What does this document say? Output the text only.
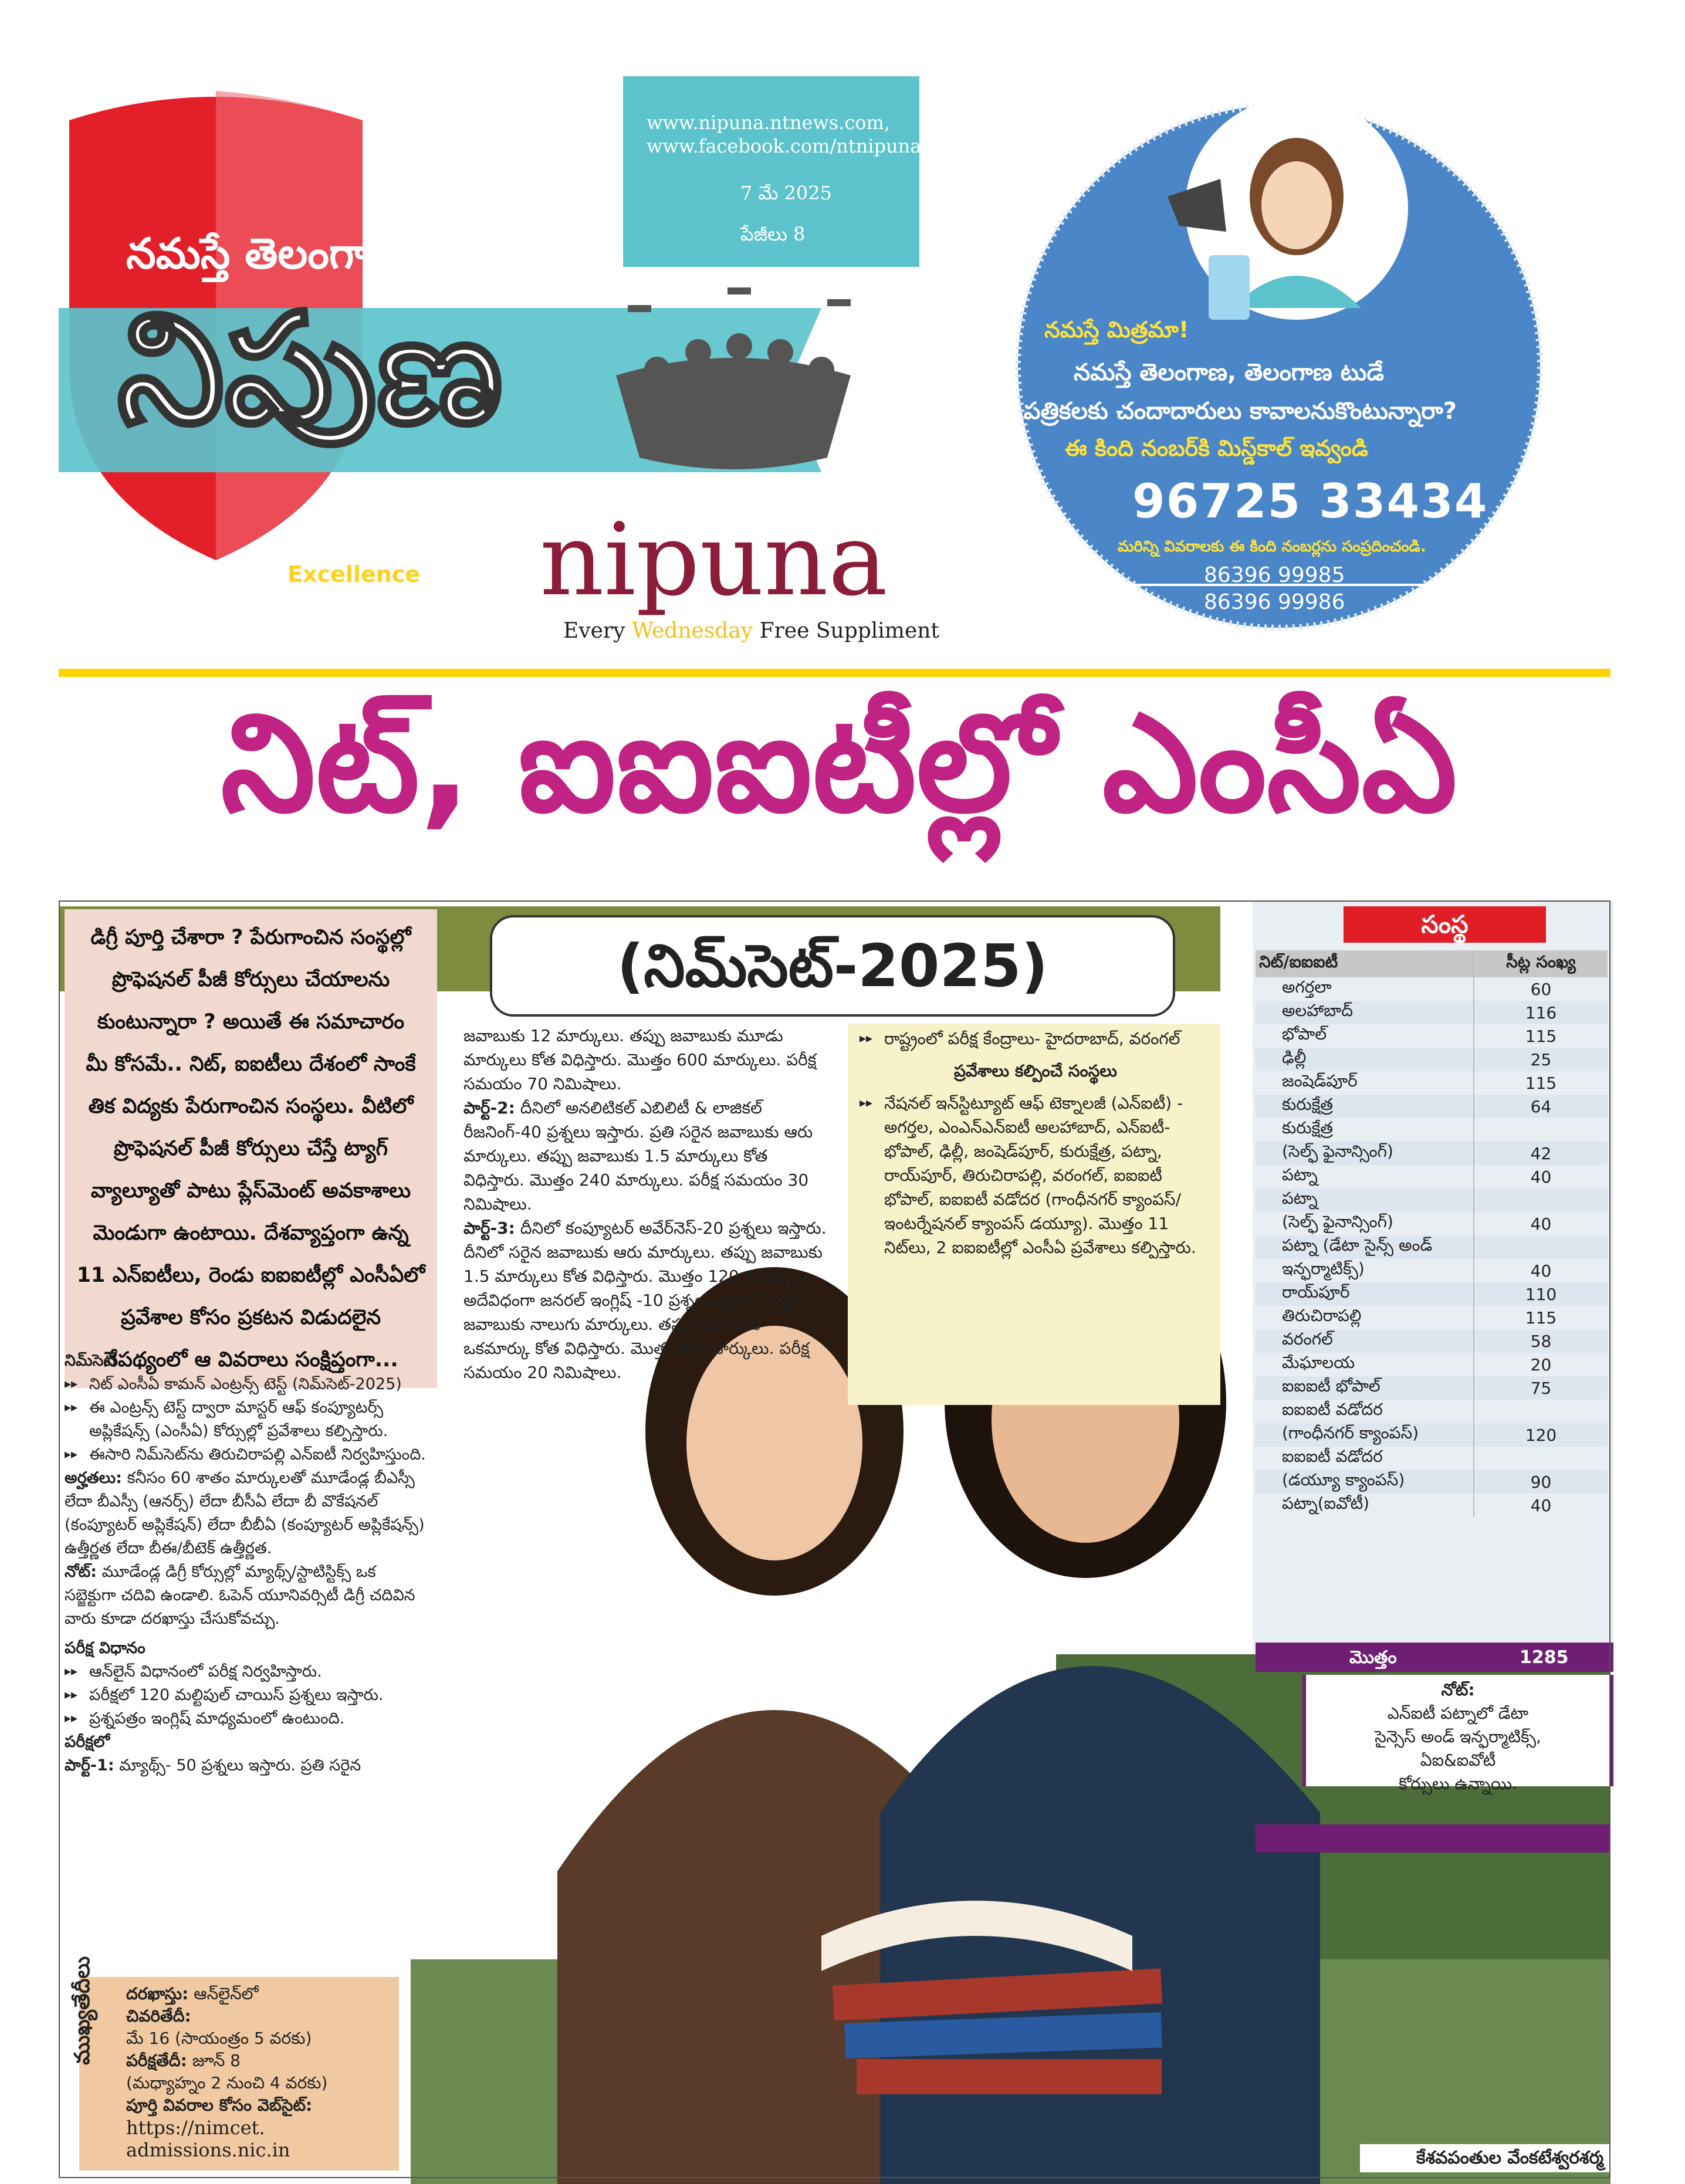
నమస్తే తెలంగాణ
నిపుణ
Guide to
Excellence nipuna
Every Wednesday Free Suppliment
www.nipuna.ntnews.com,
www.facebook.com/ntnipuna
7 మే 2025
పేజీలు 8
నమస్తే మిత్రమా!
నమస్తే తెలంగాణ, తెలంగాణ టుడే
పత్రికలకు చందాదారులు కావాలనుకొంటున్నారా?
ఈ కింది నంబర్‌కి మిస్డ్‌కాల్ ఇవ్వండి
96725 33434
మరిన్ని వివరాలకు ఈ కింది నంబర్లను సంప్రదించండి.
86396 99985
86396 99986
నిట్, ఐఐఐటీల్లో ఎంసీఏ
(నిమ్‌సెట్-2025)

డిగ్రీ పూర్తి చేశారా ? పేరుగాంచిన సంస్థల్లో

ప్రొఫెషనల్ పీజీ కోర్సులు చేయాలను

కుంటున్నారా ? అయితే ఈ సమాచారం

మీ కోసమే.. నిట్, ఐఐటీలు దేశంలో సాంకే

తిక విద్యకు పేరుగాంచిన సంస్థలు. వీటిలో

ప్రొఫెషనల్ పీజీ కోర్సులు చేస్తే ట్యాగ్

వ్యాల్యూతో పాటు ప్లేస్‌మెంట్ అవకాశాలు

మెండుగా ఉంటాయి. దేశవ్యాప్తంగా ఉన్న

11 ఎన్ఐటీలు, రెండు ఐఐఐటీల్లో ఎంసీఏలో

ప్రవేశాల కోసం ప్రకటన విడుదలైన

నేపథ్యంలో ఆ వివరాలు సంక్షిప్తంగా...

నిమ్‌సెట్
▸▸ నిట్ ఎంసీఏ కామన్ ఎంట్రన్స్ టెస్ట్ (నిమ్‌సెట్-2025)
▸▸ ఈ ఎంట్రన్స్ టెస్ట్ ద్వారా మాస్టర్ ఆఫ్ కంప్యూటర్స్ అప్లికేషన్స్ (ఎంసీఏ) కోర్సుల్లో ప్రవేశాలు కల్పిస్తారు.
▸▸ ఈసారి నిమ్‌సెట్‌ను తిరుచిరాపల్లి ఎన్ఐటీ నిర్వహిస్తుంది.
అర్హతలు: కనీసం 60 శాతం మార్కులతో మూడేండ్ల బీఎస్సీ లేదా బీఎస్సీ (ఆనర్స్) లేదా బీసీఏ లేదా బీ వొకేషనల్ (కంప్యూటర్ అప్లికేషన్) లేదా బీబీఏ (కంప్యూటర్ అప్లికేషన్స్) ఉత్తీర్ణత లేదా బీఈ/బీటెక్ ఉత్తీర్ణత.
నోట్: మూడేండ్ల డిగ్రీ కోర్సుల్లో మ్యాథ్స్/స్టాటిస్టిక్స్ ఒక సబ్జెక్టుగా చదివి ఉండాలి. ఓపెన్ యూనివర్సిటీ డిగ్రీ చదివిన వారు కూడా దరఖాస్తు చేసుకోవచ్చు.
పరీక్ష విధానం
▸▸ ఆన్‌లైన్ విధానంలో పరీక్ష నిర్వహిస్తారు.
▸▸ పరీక్షలో 120 మల్టిపుల్ చాయిస్ ప్రశ్నలు ఇస్తారు.
▸▸ ప్రశ్నపత్రం ఇంగ్లిష్ మాధ్యమంలో ఉంటుంది.
పరీక్షలో
పార్ట్-1: మ్యాథ్స్- 50 ప్రశ్నలు ఇస్తారు. ప్రతి సరైన
జవాబుకు 12 మార్కులు. తప్పు జవాబుకు మూడు మార్కులు కోత విధిస్తారు. మొత్తం 600 మార్కులు. పరీక్ష సమయం 70 నిమిషాలు.
పార్ట్-2: దీనిలో అనలిటికల్ ఎబిలిటీ & లాజికల్ రీజనింగ్-40 ప్రశ్నలు ఇస్తారు. ప్రతి సరైన జవాబుకు ఆరు మార్కులు. తప్పు జవాబుకు 1.5 మార్కులు కోత విధిస్తారు. మొత్తం 240 మార్కులు. పరీక్ష సమయం 30 నిమిషాలు.
పార్ట్-3: దీనిలో కంప్యూటర్ అవేర్‌నెస్-20 ప్రశ్నలు ఇస్తారు. దీనిలో సరైన జవాబుకు ఆరు మార్కులు. తప్పు జవాబుకు 1.5 మార్కులు కోత విధిస్తారు. మొత్తం 120 మార్కులు. అదేవిధంగా జనరల్ ఇంగ్లిష్ -10 ప్రశ్నలు ఇస్తారు. సరైన జవాబుకు నాలుగు మార్కులు. తప్పు జవాబుకు ఒకమార్కు కోత విధిస్తారు. మొత్తం 40 మార్కులు. పరీక్ష సమయం 20 నిమిషాలు.
▸▸ రాష్ట్రంలో పరీక్ష కేంద్రాలు- హైదరాబాద్, వరంగల్
ప్రవేశాలు కల్పించే సంస్థలు
▸▸ నేషనల్ ఇన్‌స్టిట్యూట్ ఆఫ్ టెక్నాలజీ (ఎన్ఐటీ) - అగర్తల, ఎంఎన్ఎన్ఐటీ అలహాబాద్, ఎన్ఐటీ-భోపాల్, ఢిల్లీ, జంషెడ్‌పూర్, కురుక్షేత్ర, పట్నా, రాయ్‌పూర్, తిరుచిరాపల్లి, వరంగల్, ఐఐఐటీ భోపాల్, ఐఐఐటీ వడోదర (గాంధీనగర్ క్యాంపస్/ఇంటర్నేషనల్ క్యాంపస్ డయ్యూ). మొత్తం 11 నిట్‌లు, 2 ఐఐఐటీల్లో ఎంసీఏ ప్రవేశాలు కల్పిస్తారు.
సంస్థ
నిట్/ఐఐఐటీ	సీట్ల సంఖ్య
అగర్తలా	60
అలహాబాద్	116
భోపాల్	115
ఢిల్లీ	25
జంషెడ్‌పూర్	115
కురుక్షేత్ర	64
కురుక్షేత్ర	
(సెల్ఫ్ ఫైనాన్సింగ్)	42
పట్నా	40
పట్నా	
(సెల్ఫ్ ఫైనాన్సింగ్)	40
పట్నా (డేటా సైన్స్ అండ్	
ఇన్ఫర్మాటిక్స్)	40
రాయ్‌పూర్	110
తిరుచిరాపల్లి	115
వరంగల్	58
మేఘాలయ	20
ఐఐఐటీ భోపాల్	75
ఐఐఐటీ వడోదర	
(గాంధీనగర్ క్యాంపస్)	120
ఐఐఐటీ వడోదర	
(డయ్యూ క్యాంపస్)	90
పట్నా(ఐవోటీ)	40
మొత్తం	1285
నోట్:
ఎన్ఐటీ పట్నాలో డేటా
సైన్సెస్ అండ్ ఇన్ఫర్మాటిక్స్,
ఏఐ&ఐవోటీ
కోర్సులు ఉన్నాయి.
ముఖ్యతేదీలు	దరఖాస్తు: ఆన్‌లైన్‌లో
చివరితేదీ:
మే 16 (సాయంత్రం 5 వరకు)
పరీక్షతేదీ: జూన్ 8
(మధ్యాహ్నం 2 నుంచి 4 వరకు)
పూర్తి వివరాల కోసం వెబ్‌సైట్:
https://nimcet.
admissions.nic.in	కేశవపంతుల వేంకటేశ్వరశర్మ
